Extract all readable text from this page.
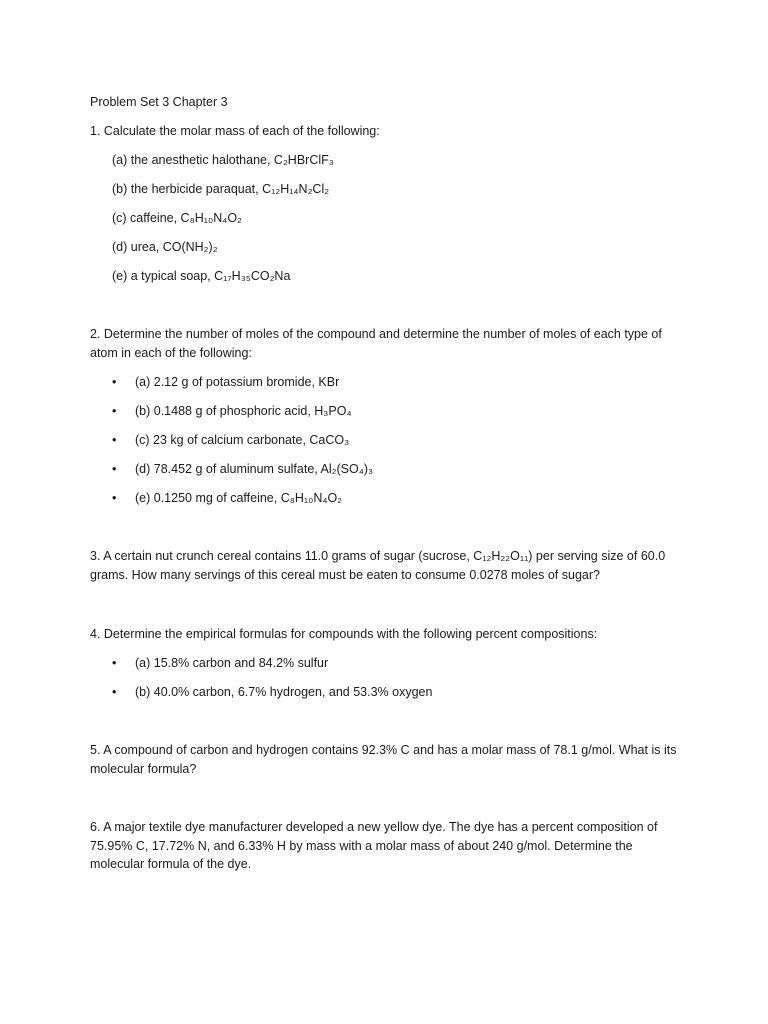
Problem Set 3 Chapter 3
1. Calculate the molar mass of each of the following:
(a) the anesthetic halothane, C₂HBrClF₃
(b) the herbicide paraquat, C₁₂H₁₄N₂Cl₂
(c) caffeine, C₈H₁₀N₄O₂
(d) urea, CO(NH₂)₂
(e) a typical soap, C₁₇H₃₅CO₂Na
2. Determine the number of moles of the compound and determine the number of moles of each type of atom in each of the following:
• (a) 2.12 g of potassium bromide, KBr
• (b) 0.1488 g of phosphoric acid, H₃PO₄
• (c) 23 kg of calcium carbonate, CaCO₃
• (d) 78.452 g of aluminum sulfate, Al₂(SO₄)₃
• (e) 0.1250 mg of caffeine, C₈H₁₀N₄O₂
3. A certain nut crunch cereal contains 11.0 grams of sugar (sucrose, C₁₂H₂₂O₁₁) per serving size of 60.0 grams. How many servings of this cereal must be eaten to consume 0.0278 moles of sugar?
4. Determine the empirical formulas for compounds with the following percent compositions:
• (a) 15.8% carbon and 84.2% sulfur
• (b) 40.0% carbon, 6.7% hydrogen, and 53.3% oxygen
5. A compound of carbon and hydrogen contains 92.3% C and has a molar mass of 78.1 g/mol. What is its molecular formula?
6. A major textile dye manufacturer developed a new yellow dye. The dye has a percent composition of 75.95% C, 17.72% N, and 6.33% H by mass with a molar mass of about 240 g/mol. Determine the molecular formula of the dye.
